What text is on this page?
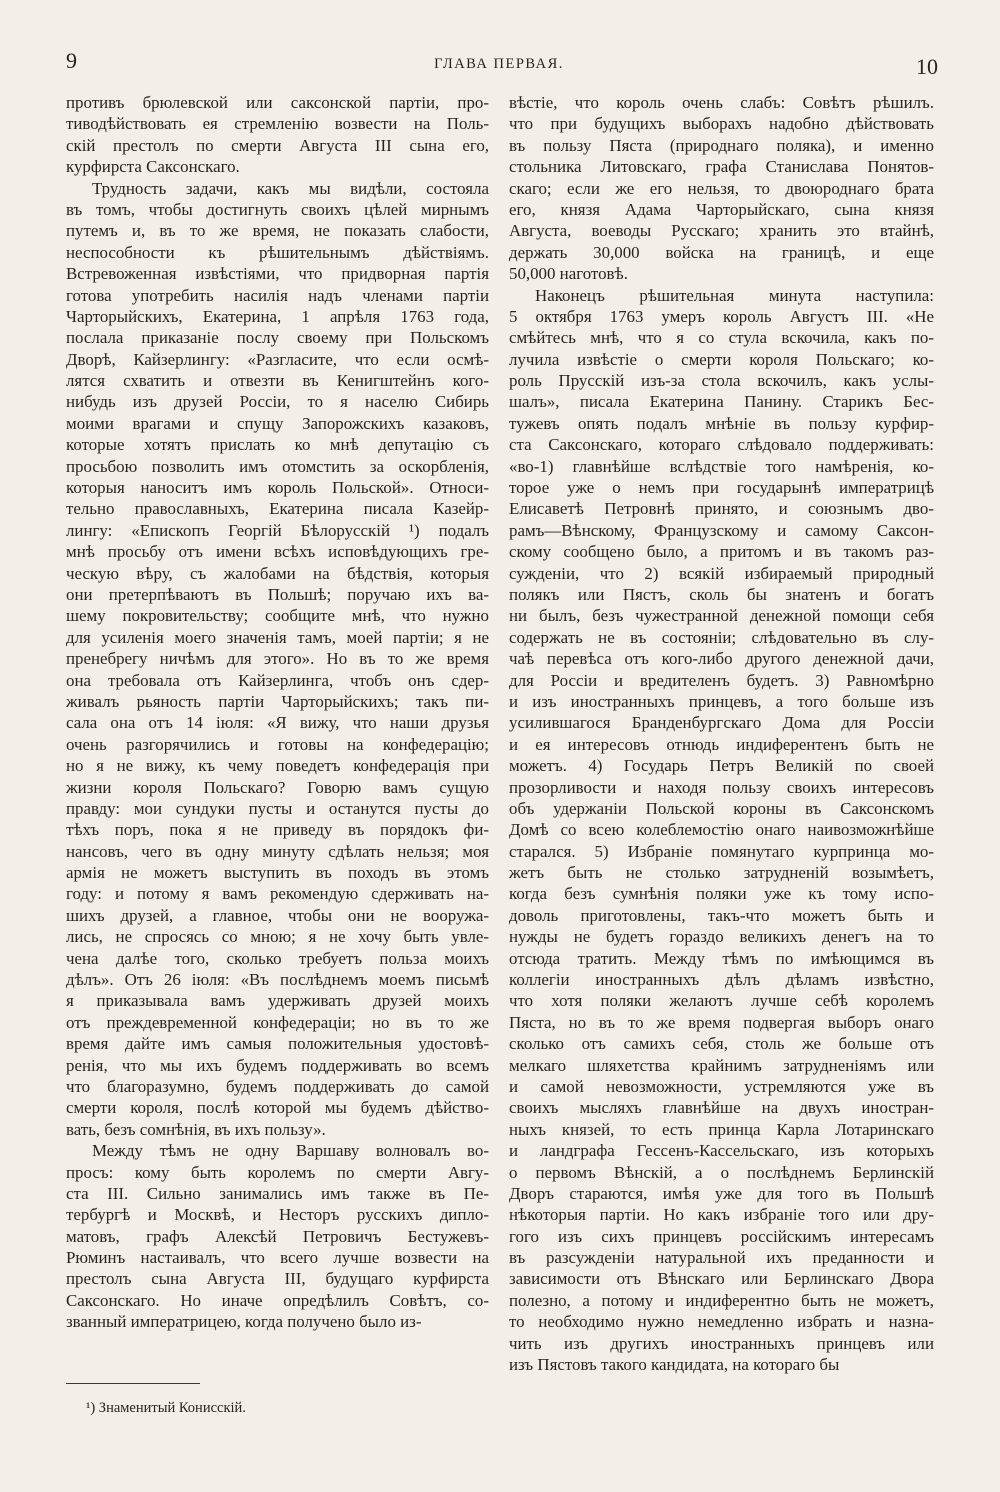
9	ГЛАВА ПЕРВАЯ.	10
противъ брюлевской или саксонской партіи, про-
тиводѣйствовать ея стремленію возвести на Поль-
скій престолъ по смерти Августа III сына его,
курфирста Саксонскаго.
Трудность задачи, какъ мы видѣли, состояла
въ томъ, чтобы достигнуть своихъ цѣлей мирнымъ
путемъ и, въ то же время, не показать слабости,
неспособности къ рѣшительнымъ дѣйствіямъ.
Встревоженная извѣстіями, что придворная партія
готова употребить насилія надъ членами партіи
Чарторыйскихъ, Екатерина, 1 апрѣля 1763 года,
послала приказаніе послу своему при Польскомъ
Дворѣ, Кайзерлингу: «Разгласите, что если осмѣ-
лятся схватить и отвезти въ Кенигштейнъ кого-
нибудь изъ друзей Россіи, то я населю Сибирь
моими врагами и спущу Запорожскихъ казаковъ,
которые хотятъ прислать ко мнѣ депутацію съ
просьбою позволить имъ отомстить за оскорбленія,
которыя наноситъ имъ король Польской». Относи-
тельно православныхъ, Екатерина писала Казейр-
лингу: «Епископъ Георгій Бѣлорусскій ¹) подалъ
мнѣ просьбу отъ имени всѣхъ исповѣдующихъ гре-
ческую вѣру, съ жалобами на бѣдствія, которыя
они претерпѣваютъ въ Польшѣ; поручаю ихъ ва-
шему покровительству; сообщите мнѣ, что нужно
для усиленія моего значенія тамъ, моей партіи; я не
пренебрегу ничѣмъ для этого». Но въ то же время
она требовала отъ Кайзерлинга, чтобъ онъ сдер-
живалъ рьяность партіи Чарторыйскихъ; такъ пи-
сала она отъ 14 іюля: «Я вижу, что наши друзья
очень разгорячились и готовы на конфедерацію;
но я не вижу, къ чему поведетъ конфедерація при
жизни короля Польскаго? Говорю вамъ сущую
правду: мои сундуки пусты и останутся пусты до
тѣхъ поръ, пока я не приведу въ порядокъ фи-
нансовъ, чего въ одну минуту сдѣлать нельзя; моя
армія не можетъ выступить въ походъ въ этомъ
году: и потому я вамъ рекомендую сдерживать на-
шихъ друзей, а главное, чтобы они не вооружа-
лись, не спросясь со мною; я не хочу быть увле-
чена далѣе того, сколько требуетъ польза моихъ
дѣлъ». Отъ 26 іюля: «Въ послѣднемъ моемъ письмѣ
я приказывала вамъ удерживать друзей моихъ
отъ преждевременной конфедераціи; но въ то же
время дайте имъ самыя положительныя удостовѣ-
ренія, что мы ихъ будемъ поддерживать во всемъ
что благоразумно, будемъ поддерживать до самой
смерти короля, послѣ которой мы будемъ дѣйство-
вать, безъ сомнѣнія, въ ихъ пользу».
Между тѣмъ не одну Варшаву волновалъ во-
просъ: кому быть королемъ по смерти Авгу-
ста III. Сильно занимались имъ также въ Пе-
тербургѣ и Москвѣ, и Несторъ русскихъ дипло-
матовъ, графъ Алексѣй Петровичъ Бестужевъ-
Рюминъ настаивалъ, что всего лучше возвести на
престолъ сына Августа III, будущаго курфирста
Саксонскаго. Но иначе опредѣлилъ Совѣтъ, со-
званный императрицею, когда получено было из-
вѣстіе, что король очень слабъ: Совѣтъ рѣшилъ.
что при будущихъ выборахъ надобно дѣйствовать
въ пользу Пяста (природнаго поляка), и именно
стольника Литовскаго, графа Станислава Понятов-
скаго; если же его нельзя, то двоюроднаго брата
его, князя Адама Чарторыйскаго, сына князя
Августа, воеводы Русскаго; хранить это втайнѣ,
держать 30,000 войска на границѣ, и еще
50,000 наготовѣ.
Наконецъ рѣшительная минута наступила:
5 октября 1763 умеръ король Августъ III. «Не
смѣйтесь мнѣ, что я со стула вскочила, какъ по-
лучила извѣстіе о смерти короля Польскаго; ко-
роль Прусскій изъ-за стола вскочилъ, какъ услы-
шалъ», писала Екатерина Панину. Старикъ Бес-
тужевъ опять подалъ мнѣніе въ пользу курфир-
ста Саксонскаго, котораго слѣдовало поддерживать:
«во-1) главнѣйше вслѣдствіе того намѣренія, ко-
торое уже о немъ при государынѣ императрицѣ
Елисаветѣ Петровнѣ принято, и союзнымъ дво-
рамъ—Вѣнскому, Французскому и самому Саксон-
скому сообщено было, а притомъ и въ такомъ раз-
сужденіи, что 2) всякій избираемый природный
полякъ или Пястъ, сколь бы знатенъ и богатъ
ни былъ, безъ чужестранной денежной помощи себя
содержать не въ состояніи; слѣдовательно въ слу-
чаѣ перевѣса отъ кого-либо другого денежной дачи,
для Россіи и вредителенъ будетъ. 3) Равномѣрно
и изъ иностранныхъ принцевъ, а того больше изъ
усилившагося Бранденбургскаго Дома для Россіи
и ея интересовъ отнюдь индиферентенъ быть не
можетъ. 4) Государь Петръ Великій по своей
прозорливости и находя пользу своихъ интересовъ
объ удержаніи Польской короны въ Саксонскомъ
Домѣ со всею колеблемостію онаго наивозможнѣйше
старался. 5) Избраніе помянутаго курпринца мо-
жетъ быть не столько затрудненій возымѣетъ,
когда безъ сумнѣнія поляки уже къ тому испо-
доволь приготовлены, такъ-что можетъ быть и
нужды не будетъ гораздо великихъ денегъ на то
отсюда тратить. Между тѣмъ по имѣющимся въ
коллегіи иностранныхъ дѣлъ дѣламъ извѣстно,
что хотя поляки желаютъ лучше себѣ королемъ
Пяста, но въ то же время подвергая выборъ онаго
сколько отъ самихъ себя, столь же больше отъ
мелкаго шляхетства крайнимъ затрудненіямъ или
и самой невозможности, устремляются уже въ
своихъ мысляхъ главнѣйше на двухъ иностран-
ныхъ князей, то есть принца Карла Лотаринскаго
и ландграфа Гессенъ-Кассельскаго, изъ которыхъ
о первомъ Вѣнскій, а о послѣднемъ Берлинскій
Дворъ стараются, имѣя уже для того въ Польшѣ
нѣкоторыя партіи. Но какъ избраніе того или дру-
гого изъ сихъ принцевъ россійскимъ интересамъ
въ разсужденіи натуральной ихъ преданности и
зависимости отъ Вѣнскаго или Берлинскаго Двора
полезно, а потому и индиферентно быть не можетъ,
то необходимо нужно немедленно избрать и назна-
чить изъ другихъ иностранныхъ принцевъ или
изъ Пястовъ такого кандидата, на котораго бы
¹) Знаменитый Конисскій.
